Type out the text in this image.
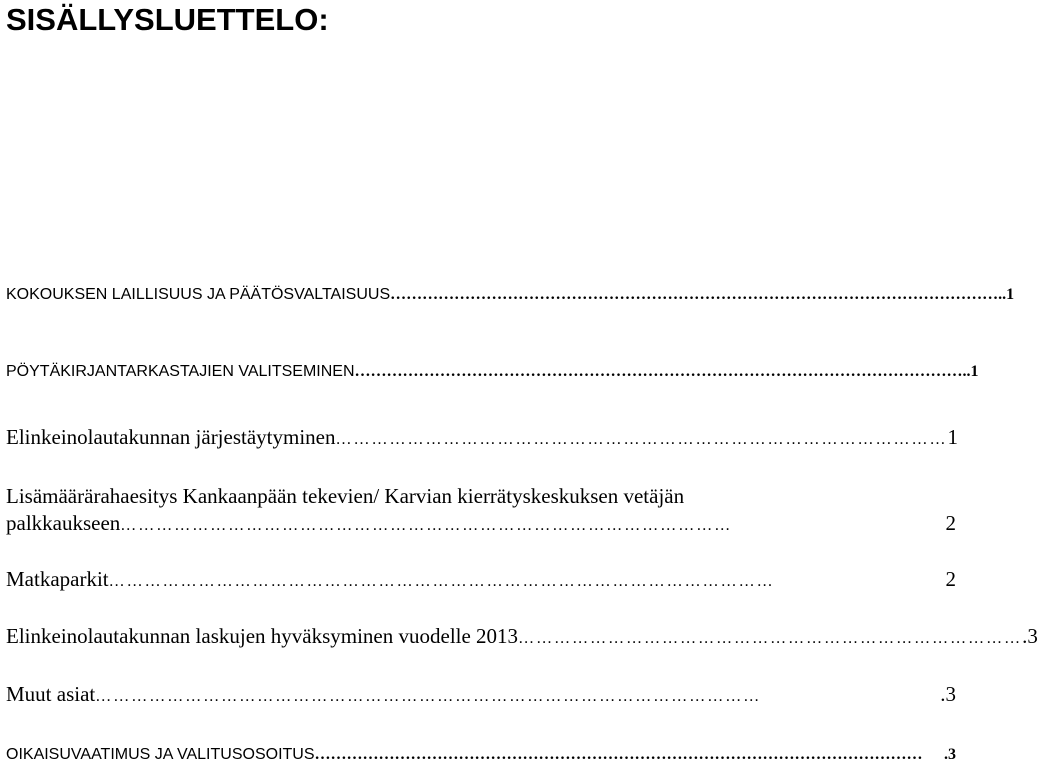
SISÄLLYSLUETTELO:
KOKOUKSEN LAILLISUUS JA PÄÄTÖSVALTAISUUS …………………………………………………………………………………………………… ..1
PÖYTÄKIRJANTARKASTAJIEN VALITSEMINEN …………………………………………………………………………………………………… ..1
Elinkeinolautakunnan järjestäytyminen ………………………………………………………………………………………… 1
Lisämäärärahaesitys Kankaanpään tekevien/ Karvian kierrätyskeskuksen vetäjän
palkkaukseen …………………………………………………………………………………………	2
Matkaparkit …………………………………………………………………………………………………	2
Elinkeinolautakunnan laskujen hyväksyminen vuodelle 2013 ………………………………………………………………………… .3
Muut asiat …………………………………………………………………………………………………	.3
OIKAISUVAATIMUS JA VALITUSOSOITUS ……………………………………………………………………………………………………	.3
